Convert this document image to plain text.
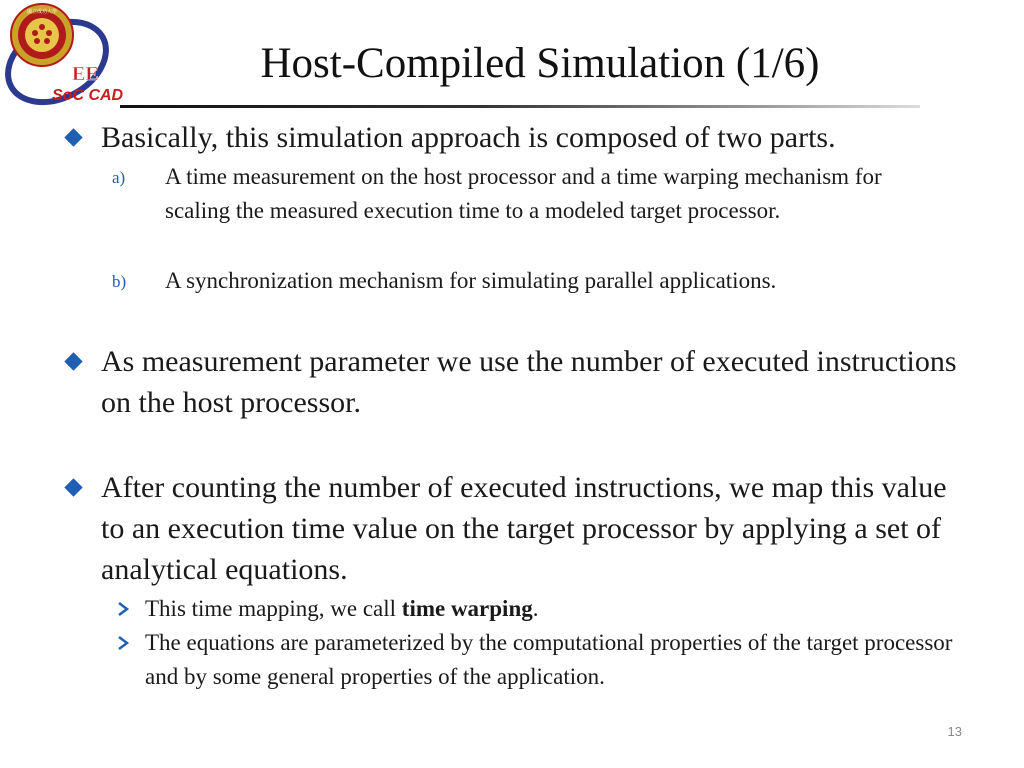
國立成功大學
EE
SoC CAD
Host-Compiled Simulation (1/6)
Basically, this simulation approach is composed of two parts.
a) A time measurement on the host processor and a time warping mechanism for scaling the measured execution time to a modeled target processor.
b) A synchronization mechanism for simulating parallel applications.
As measurement parameter we use the number of executed instructions on the host processor.
After counting the number of executed instructions, we map this value to an execution time value on the target processor by applying a set of analytical equations.
This time mapping, we call time warping.
The equations are parameterized by the computational properties of the target processor and by some general properties of the application.
13
